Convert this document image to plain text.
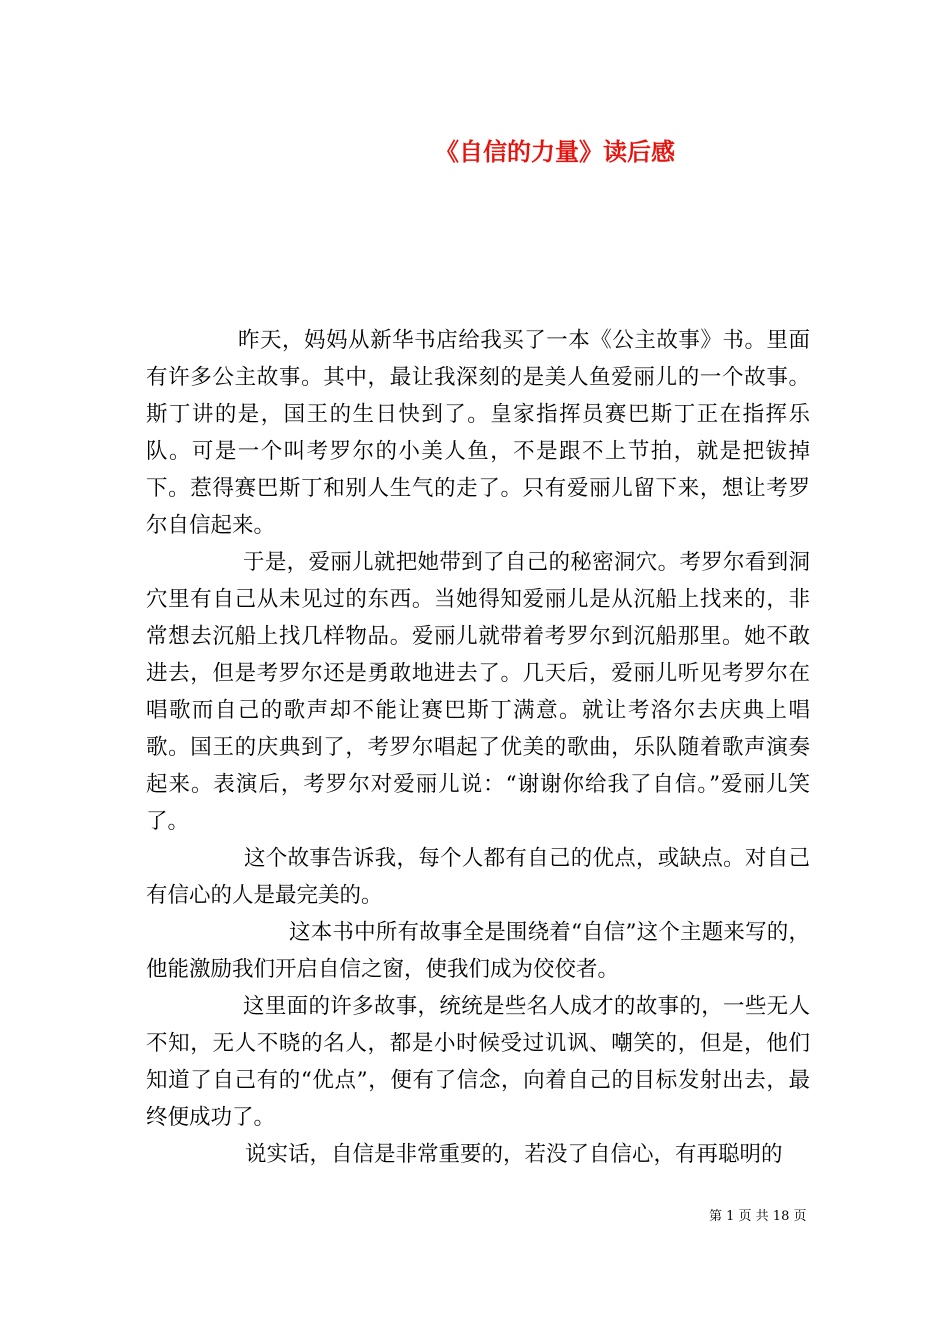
《自信的力量》读后感

昨天，妈妈从新华书店给我买了一本《公主故事》书。里面有许多公主故事。其中，最让我深刻的是美人鱼爱丽儿的一个故事。斯丁讲的是，国王的生日快到了。皇家指挥员赛巴斯丁正在指挥乐队。可是一个叫考罗尔的小美人鱼，不是跟不上节拍，就是把钹掉下。惹得赛巴斯丁和别人生气的走了。只有爱丽儿留下来，想让考罗尔自信起来。

于是，爱丽儿就把她带到了自己的秘密洞穴。考罗尔看到洞穴里有自己从未见过的东西。当她得知爱丽儿是从沉船上找来的，非常想去沉船上找几样物品。爱丽儿就带着考罗尔到沉船那里。她不敢进去，但是考罗尔还是勇敢地进去了。几天后，爱丽儿听见考罗尔在唱歌而自己的歌声却不能让赛巴斯丁满意。就让考洛尔去庆典上唱歌。国王的庆典到了，考罗尔唱起了优美的歌曲，乐队随着歌声演奏起来。表演后，考罗尔对爱丽儿说：“谢谢你给我了自信。”爱丽儿笑了。

这个故事告诉我，每个人都有自己的优点，或缺点。对自己有信心的人是最完美的。

这本书中所有故事全是围绕着“自信”这个主题来写的，他能激励我们开启自信之窗，使我们成为佼佼者。

这里面的许多故事，统统是些名人成才的故事的，一些无人不知，无人不晓的名人，都是小时候受过讥讽、嘲笑的，但是，他们知道了自己有的“优点”，便有了信念，向着自己的目标发射出去，最终便成功了。

说实话，自信是非常重要的，若没了自信心，有再聪明的

第 1 页 共 18 页
